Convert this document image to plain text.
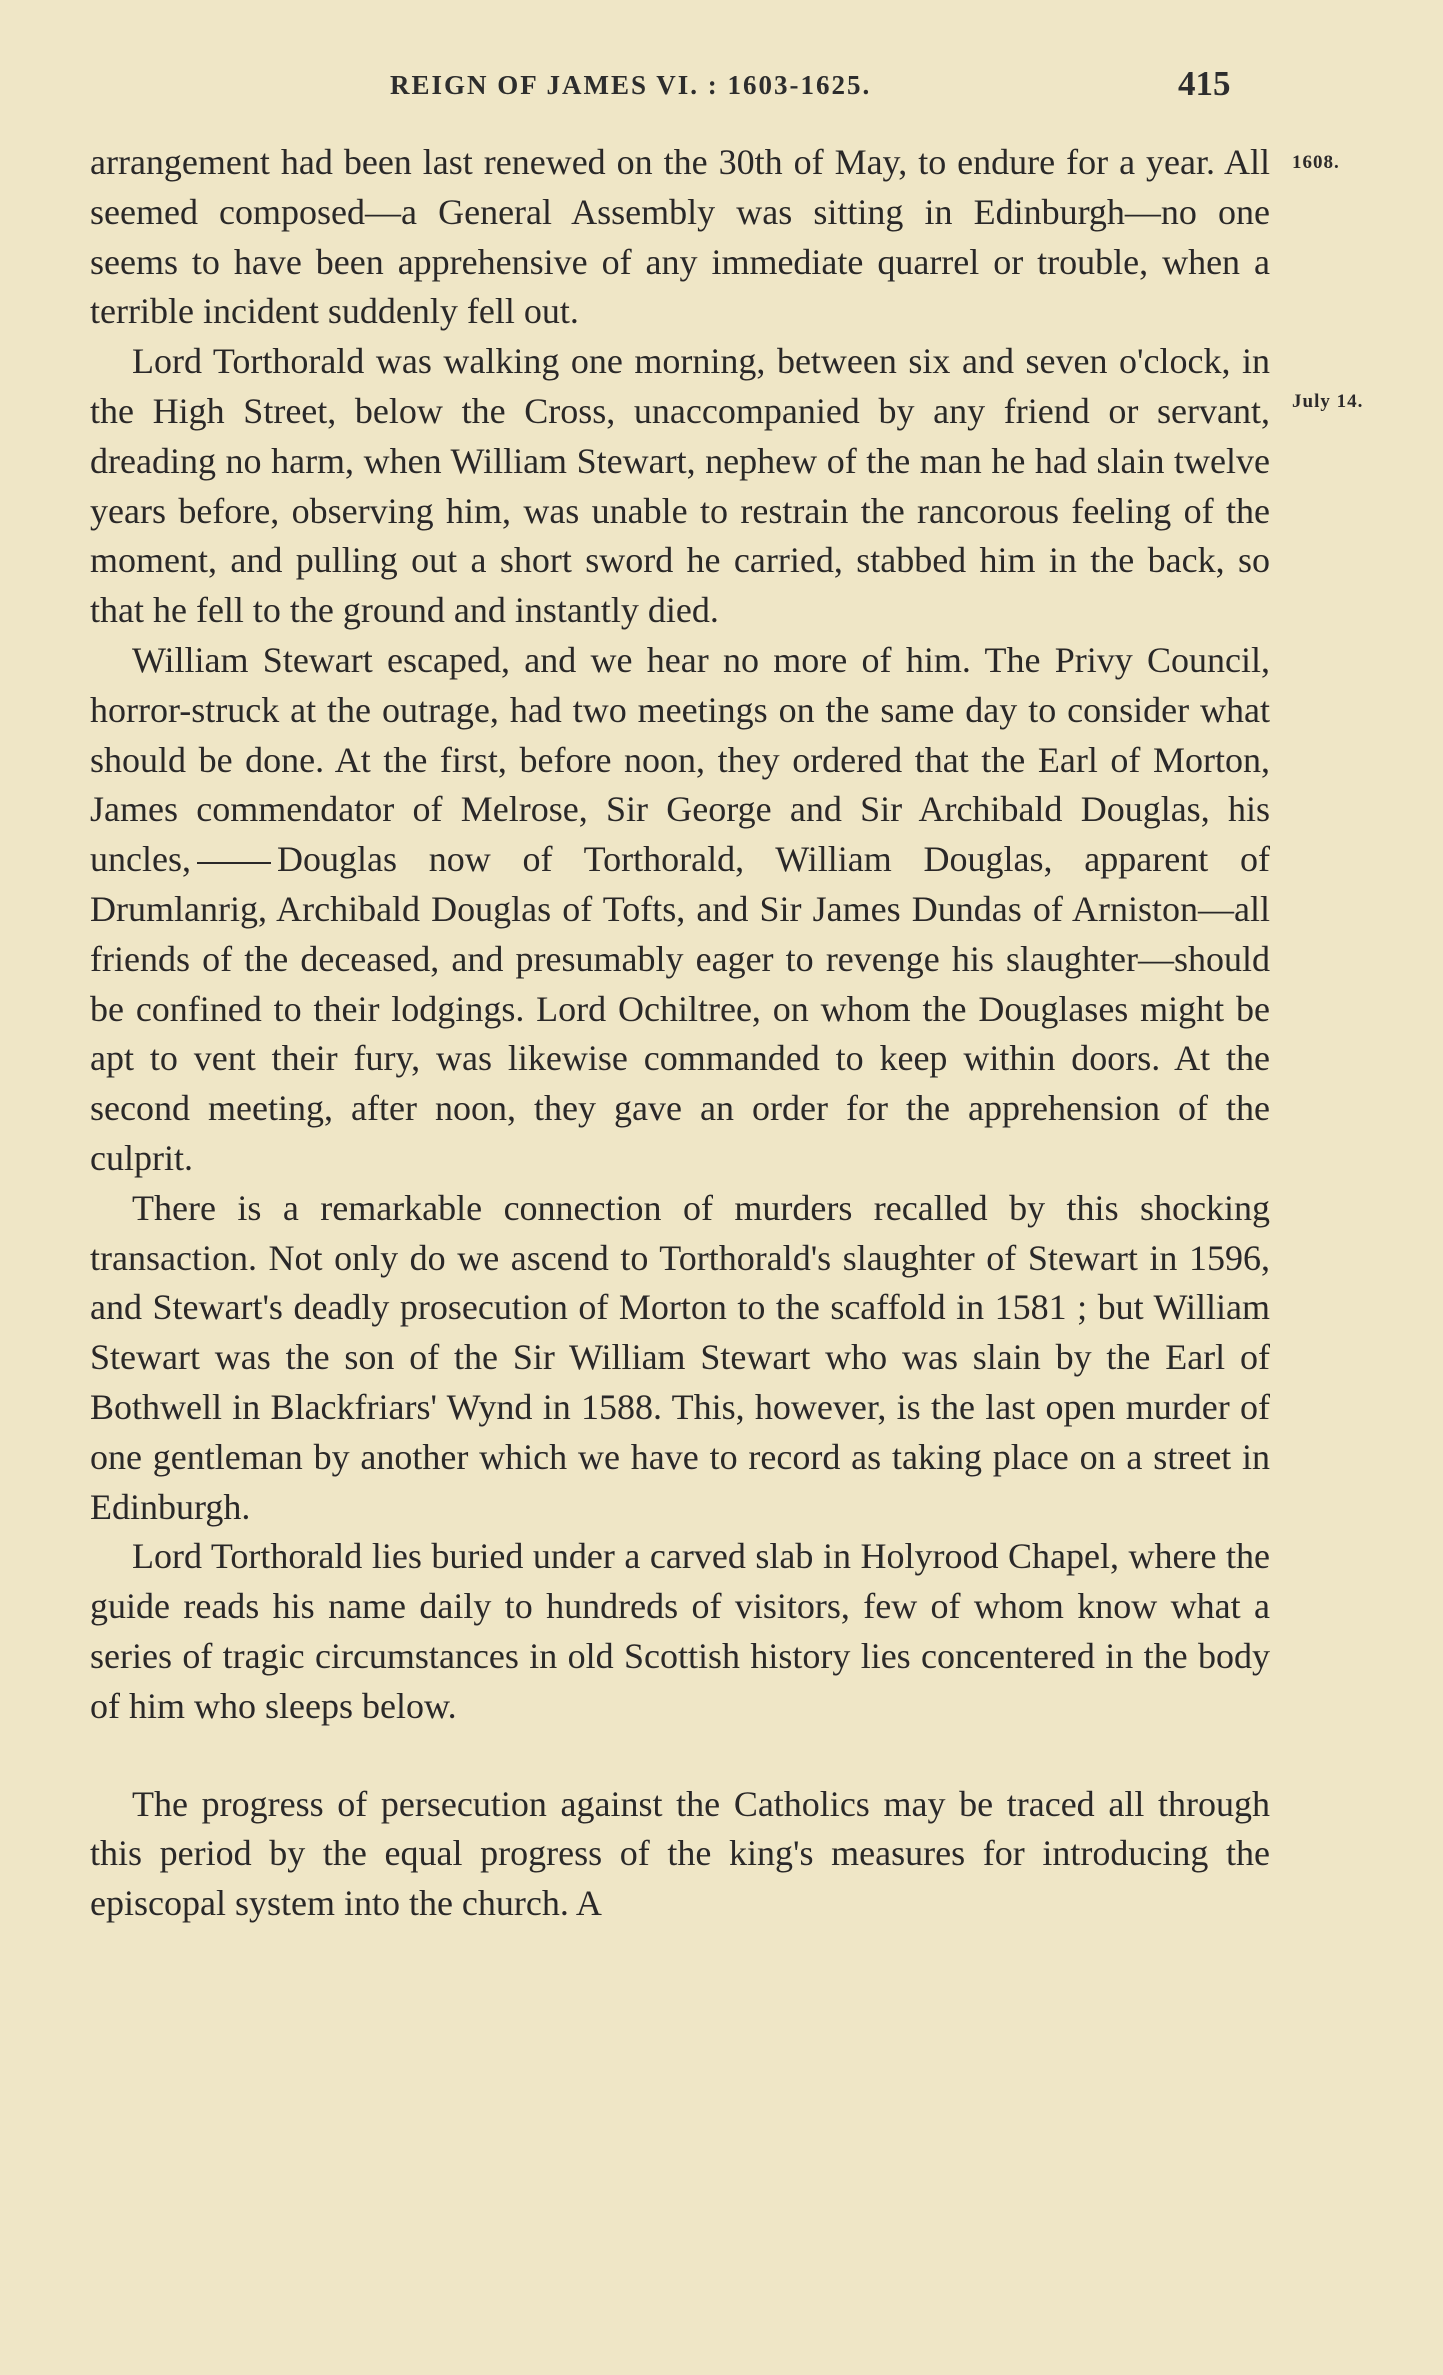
REIGN OF JAMES VI. : 1603-1625.	415
1608.
July 14.

arrangement had been last renewed on the 30th of May, to endure for a year. All seemed composed—a General Assembly was sitting in Edinburgh—no one seems to have been apprehensive of any immediate quarrel or trouble, when a terrible incident suddenly fell out.

Lord Torthorald was walking one morning, between six and seven o'clock, in the High Street, below the Cross, unaccompanied by any friend or servant, dreading no harm, when William Stewart, nephew of the man he had slain twelve years before, observing him, was unable to restrain the rancorous feeling of the moment, and pulling out a short sword he carried, stabbed him in the back, so that he fell to the ground and instantly died.

William Stewart escaped, and we hear no more of him. The Privy Council, horror-struck at the outrage, had two meetings on the same day to consider what should be done. At the first, before noon, they ordered that the Earl of Morton, James commendator of Melrose, Sir George and Sir Archibald Douglas, his uncles, Douglas now of Torthorald, William Douglas, apparent of Drumlanrig, Archibald Douglas of Tofts, and Sir James Dundas of Arniston—all friends of the deceased, and presumably eager to revenge his slaughter—should be confined to their lodgings. Lord Ochiltree, on whom the Douglases might be apt to vent their fury, was likewise commanded to keep within doors. At the second meeting, after noon, they gave an order for the apprehension of the culprit.

There is a remarkable connection of murders recalled by this shocking transaction. Not only do we ascend to Torthorald's slaughter of Stewart in 1596, and Stewart's deadly prosecution of Morton to the scaffold in 1581 ; but William Stewart was the son of the Sir William Stewart who was slain by the Earl of Bothwell in Blackfriars' Wynd in 1588. This, however, is the last open murder of one gentleman by another which we have to record as taking place on a street in Edinburgh.

Lord Torthorald lies buried under a carved slab in Holyrood Chapel, where the guide reads his name daily to hundreds of visitors, few of whom know what a series of tragic circumstances in old Scottish history lies concentered in the body of him who sleeps below.

The progress of persecution against the Catholics may be traced all through this period by the equal progress of the king's measures for introducing the episcopal system into the church. A
